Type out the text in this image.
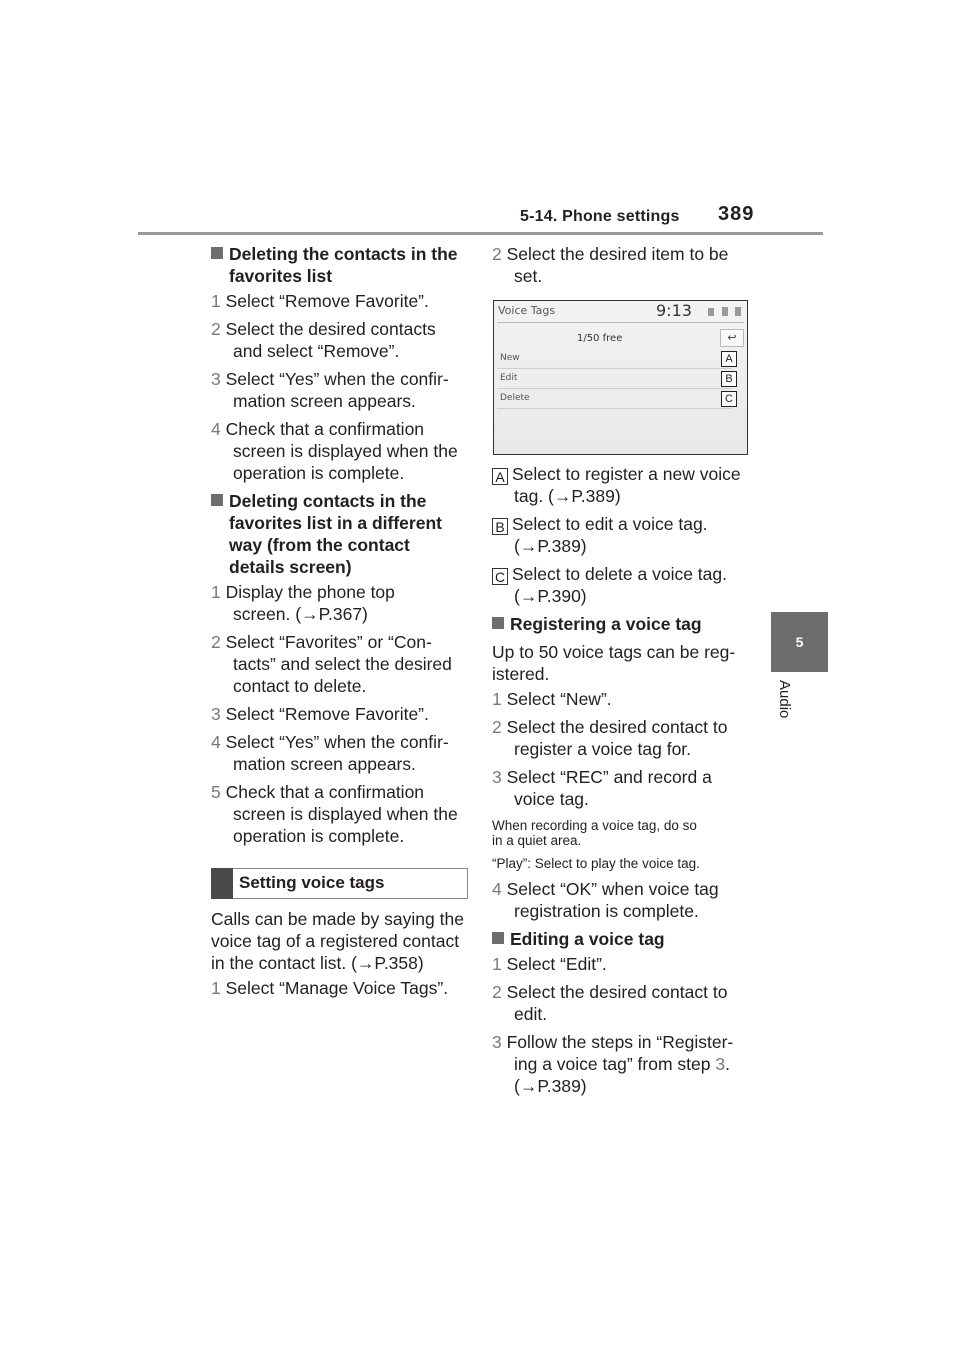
5-14. Phone settings 389
5
Audio
Deleting the contacts in the
favorites list
1 Select “Remove Favorite”.
2 Select the desired contacts
and select “Remove”.
3 Select “Yes” when the confir-
mation screen appears.
4 Check that a confirmation
screen is displayed when the
operation is complete.
Deleting contacts in the
favorites list in a different
way (from the contact
details screen)
1 Display the phone top
screen. (→P.367)
2 Select “Favorites” or “Con-
tacts” and select the desired
contact to delete.
3 Select “Remove Favorite”.
4 Select “Yes” when the confir-
mation screen appears.
5 Check that a confirmation
screen is displayed when the
operation is complete.
Setting voice tags
Calls can be made by saying the
voice tag of a registered contact
in the contact list. (→P.358)
1 Select “Manage Voice Tags”.
2 Select the desired item to be
set.
Voice Tags	9:13
1/50 free	↩
New
Edit
Delete
A
B
C
A Select to register a new voice
tag. (→P.389)
B Select to edit a voice tag.
(→P.389)
C Select to delete a voice tag.
(→P.390)
Registering a voice tag
Up to 50 voice tags can be reg-
istered.
1 Select “New”.
2 Select the desired contact to
register a voice tag for.
3 Select “REC” and record a
voice tag.
When recording a voice tag, do so
in a quiet area.
“Play”: Select to play the voice tag.
4 Select “OK” when voice tag
registration is complete.
Editing a voice tag
1 Select “Edit”.
2 Select the desired contact to
edit.
3 Follow the steps in “Register-
ing a voice tag” from step 3.
(→P.389)
